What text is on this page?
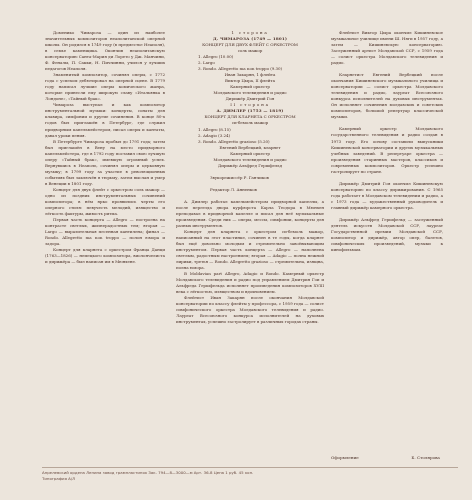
Доменико Чимароза — один из наиболее значительных композиторов неаполитанской оперной школы. Он родился в 1749 году (в предместье Неаполя), в семье каменщика. Окончив неаполитанскую консерваторию Санта-Мария ди Лорето у Дж. Манчини, Ф. Феналы, П. Сакки, Н. Пиччинни, учился у лучших педагогов Неаполя.

Знаменитый композитор, сочинял оперы, с 1772 года с успехом дебютировал на оперной сцене. В 1779 году написал лучшие оперы комического жанра, которые принесли ему широкую славу «Итальянка в Лондоне», «Тайный брак».

Чимароза выступал и как композитор инструментальной музыки: концерты, сонаты для клавира, симфонии и другие сочинения. В конце 80-х годов был приглашён в Петербург, где служил придворным капельмейстером, писал оперы и кантаты, давал уроки пения.

В Петербурге Чимароза пробыл до 1791 года; затем был приглашён в Вену на место придворного капельмейстера, где в 1792 году поставил свою лучшую оперу «Тайный брак», имевшую огромный успех. Вернувшись в Неаполь, сочинял оперы и церковную музыку; в 1799 году за участие в революционных событиях был заключён в тюрьму, затем выслан и умер в Венеции в 1801 году.

Концерт для двух флейт с оркестром соль мажор — одно из поздних инструментальных сочинений композитора; в нём ярко проявились черты его оперного стиля: певучесть мелодий, изящество и лёгкость фактуры, живость ритма.

Первая часть концерта — Allegro — построена на контрасте светлых, жизнерадостных тем; вторая — Largo — выразительная песенная кантилена; финал — Rondo. Allegretto ma non troppo — полон юмора и задора.

Концерт для кларнета с оркестром Франца Данци (1763—1826) — немецкого композитора, виолончелиста и дирижёра — был написан им в Мюнхене.

1 сторона

Д. ЧИМАРОЗА (1749 — 1801)

КОНЦЕРТ ДЛЯ ДВУХ ФЛЕЙТ С ОРКЕСТРОМ

соль мажор

1. Allegro (10.00)

2. Largo

3. Rondo. Allegretto ma non troppo (9.30)

Иван Закарян, 1 флейта

Виктор Цыра, II флейта

Камерный оркестр

Молдавского телевидения и радио

Дирижёр Дмитрий Гоя

II сторона

А. ДИМЛЕР (1753 — 1819)

КОНЦЕРТ ДЛЯ КЛАРНЕТА С ОРКЕСТРОМ

си-бемоль мажор

1. Allegro (8.15)

2. Adagio (3.24)

3. Rondo. Allegretto grazioso (5.20)

Евгений Вербецкий, кларнет

Камерный оркестр

Молдавского телевидения и радио

Дирижёр Альфред Гершфельд

Звукорежиссёр Р. Ганчиков

Редактор Л. Анненков

А. Димлер работал капельмейстером придворной капеллы, а после переезда двора курфюрста Карла Теодора в Мюнхен преподавал в придворной капелле и писал для неё музыкальные произведения. Среди них — оперы, мессы, симфонии, концерты для разных инструментов.

Концерт для кларнета с оркестром си-бемоль мажор, написанный на этот пластинке, сочинен в те годы, когда кларнет был ещё довольно молодым и стремительно завоёвывающим инструментом. Первая часть концерта — Allegro — наполнена светлым, радостным настроением; вторая — Adagio — полна нежной лирики, третья — Rondo. Allegretto grazioso — стремительна, изящна, полна юмора.

В Moldavian part Allegro, Adagio и Rondo. Камерный оркестр Молдавского телевидения и радио под управлением Дмитрия Гои и Альфреда Гершфельда исполняет произведения композиторов XVIII века с лёгкостью, изяществом и вдохновением.

Флейтист Иван Закарян после окончания Молдавской консерватории по классу флейты у профессора, с 1959 года — солист симфонического оркестра Молдавского телевидения и радио. Лауреат Всесоюзного конкурса исполнителей на духовых инструментах, успешно гастролирует в различных городах страны.

Флейтист Виктор Цыра окончил Кишиневское музыкальное училище имени Ш. Няги в 1957 году, а затем — Кишиневскую консерваторию. Заслуженный артист Молдавской ССР, с 1959 года — солист оркестра Молдавского телевидения и радио.

Кларнетист Евгений Вербецкий после окончания Кишиневского музыкального училища и консерватории — солист оркестра Молдавского телевидения и радио, лауреат Всесоюзного конкурса исполнителей на духовых инструментах. Он исполняет сочинения молдавских и советских композиторов, большой репертуар классической музыки.

Камерный оркестр Молдавского государственного телевидения и радио создан в 1973 году. Его основу составили выпускники Кишиневской консерватории и других музыкальных учебных заведений. В репертуаре оркестра — произведения старинных мастеров, классиков и современных композиторов. Оркестр успешно гастролирует по стране.

Дирижёр Дмитрий Гоя окончил Кишиневскую консерваторию по классу дирижирования. С 1965 года работает в Молдавском телевидении и радио, а с 1973 года — художественный руководитель и главный дирижёр камерного оркестра.

Дирижёр Альфред Гершфельд — заслуженный деятель искусств Молдавской ССР, лауреат Государственной премии Молдавской ССР, композитор и дирижёр, автор опер, балетов, симфонических произведений, музыки к кинофильмам.

Оформление	Б. Столярова
Апрелевский ордена Ленина завод грампластинок Зак. 794—8—3000—м Арт. 36-8 Цена 1 руб. 45 коп.
Типография А/Л
